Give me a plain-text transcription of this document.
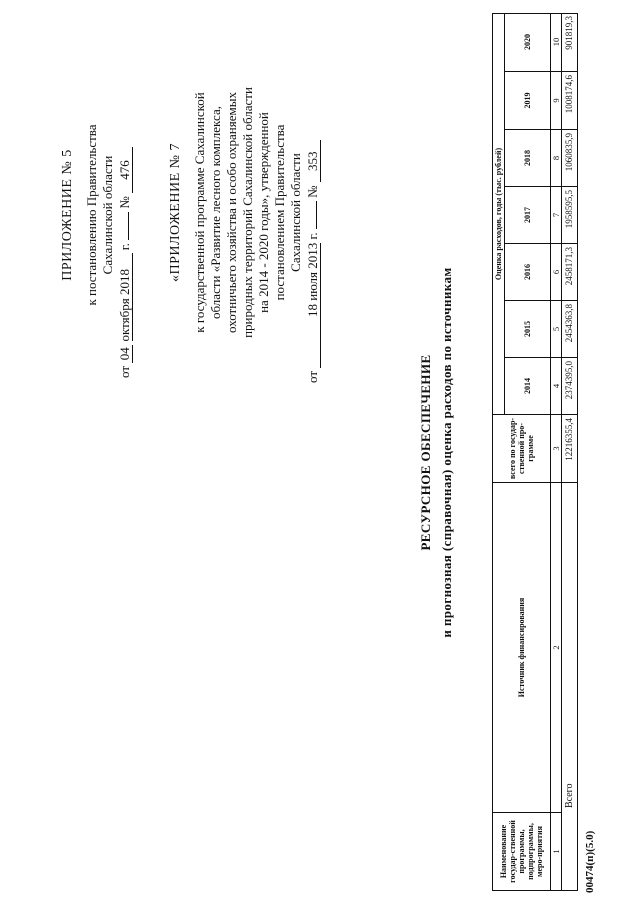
ПРИЛОЖЕНИЕ № 5 к постановлению Правительства Сахалинской области
от 04 октября 2018 г.  № 476	«ПРИЛОЖЕНИЕ № 7 к государственной программе Сахалинской области «Развитие лесного комплекса, охотничьего хозяйства и особо охраняемых природных территорий Сахалинской области на 2014 - 2020 годы», утвержденной постановлением Правительства Сахалинской области
от 18 июля 2013 г.  № 353
РЕСУРСНОЕ ОБЕСПЕЧЕНИЕ и прогнозная (справочная) оценка расходов по источникам
00474(п)(5.0)
Наименование государ-ственной программы, подпрограммы, меро-приятия
Источник финансирования
всего по государ-ственной про-грамме
Оценка расходов, годы (тыс. рублей)
2014
2015
2016
2017
2018
2019
2020
1
2
3
4
5
6
7
8
9
10
Всего
12216355,4
2374395,0
2454363,8
2458171,3
1958595,5
1060835,9
1008174,6
901819,3
